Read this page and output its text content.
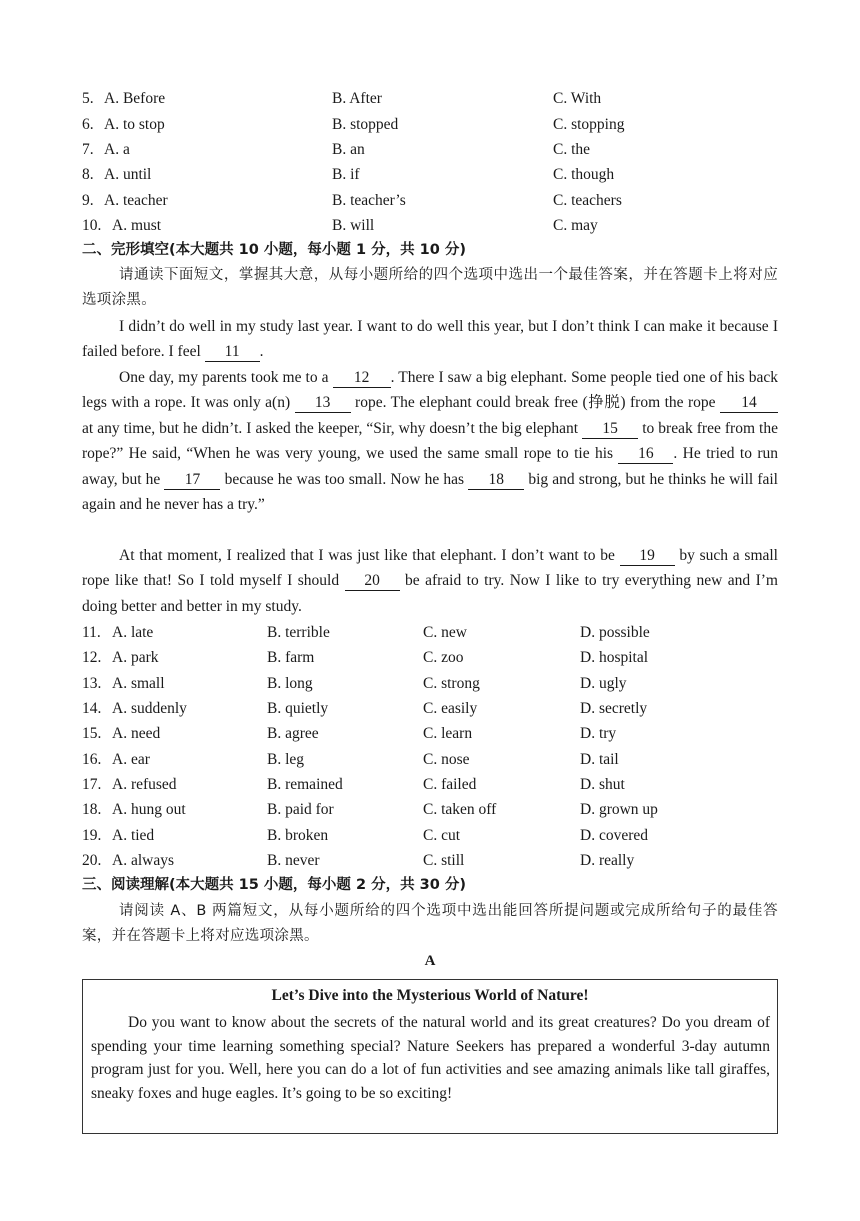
5. A. Before	B. After	C. With
6. A. to stop	B. stopped	C. stopping
7. A. a	B. an	C. the
8. A. until	B. if	C. though
9. A. teacher	B. teacher’s	C. teachers
10. A. must	B. will	C. may
二、完形填空(本大题共 10 小题，每小题 1 分，共 10 分)
请通读下面短文，掌握其大意，从每小题所给的四个选项中选出一个最佳答案，并在答题卡上将对应选项涂黑。
I didn’t do well in my study last year. I want to do well this year, but I don’t think I can make it because I failed before. I feel 11 .
One day, my parents took me to a 12 . There I saw a big elephant. Some people tied one of his back legs with a rope. It was only a(n) 13 rope. The elephant could break free (挣脱) from the rope 14 at any time, but he didn’t. I asked the keeper, “Sir, why doesn’t the big elephant 15 to break free from the rope?” He said, “When he was very young, we used the same small rope to tie his 16 . He tried to run away, but he 17 because he was too small. Now he has 18 big and strong, but he thinks he will fail again and he never has a try.”
At that moment, I realized that I was just like that elephant. I don’t want to be 19 by such a small rope like that! So I told myself I should 20 be afraid to try. Now I like to try everything new and I’m doing better and better in my study.
11. A. late	B. terrible	C. new	D. possible
12. A. park	B. farm	C. zoo	D. hospital
13. A. small	B. long	C. strong	D. ugly
14. A. suddenly	B. quietly	C. easily	D. secretly
15. A. need	B. agree	C. learn	D. try
16. A. ear	B. leg	C. nose	D. tail
17. A. refused	B. remained	C. failed	D. shut
18. A. hung out	B. paid for	C. taken off	D. grown up
19. A. tied	B. broken	C. cut	D. covered
20. A. always	B. never	C. still	D. really
三、阅读理解(本大题共 15 小题，每小题 2 分，共 30 分)
请阅读 A、B 两篇短文，从每小题所给的四个选项中选出能回答所提问题或完成所给句子的最佳答案，并在答题卡上将对应选项涂黑。
A
Let’s Dive into the Mysterious World of Nature!
Do you want to know about the secrets of the natural world and its great creatures? Do you dream of spending your time learning something special? Nature Seekers has prepared a wonderful 3-day autumn program just for you. Well, here you can do a lot of fun activities and see amazing animals like tall giraffes, sneaky foxes and huge eagles. It’s going to be so exciting!
